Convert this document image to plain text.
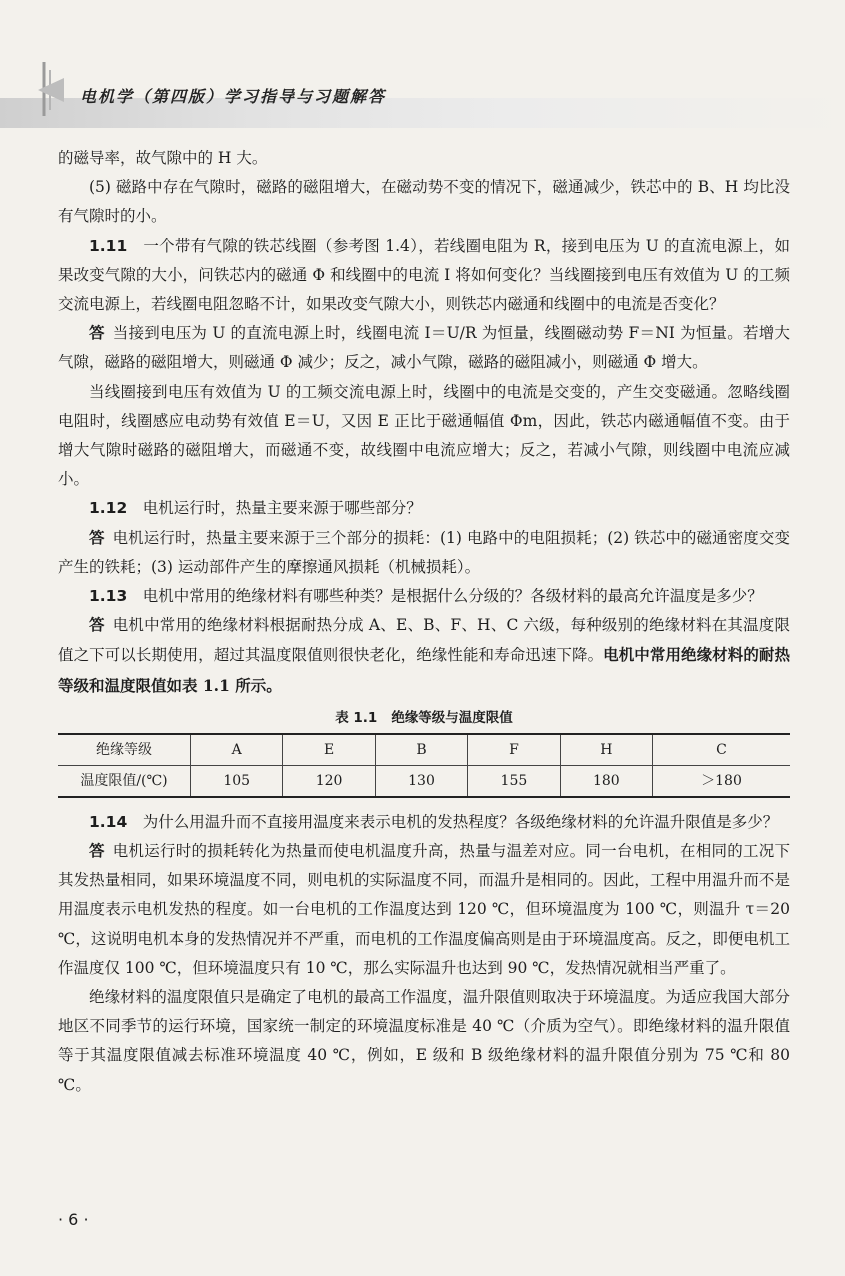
电机学（第四版）学习指导与习题解答

的磁导率，故气隙中的 H 大。

(5) 磁路中存在气隙时，磁路的磁阻增大，在磁动势不变的情况下，磁通减少，铁芯中的 B、H 均比没有气隙时的小。

1.11　 一个带有气隙的铁芯线圈（参考图 1.4），若线圈电阻为 R，接到电压为 U 的直流电源上，如果改变气隙的大小，问铁芯内的磁通 Φ 和线圈中的电流 I 将如何变化？当线圈接到电压有效值为 U 的工频交流电源上，若线圈电阻忽略不计，如果改变气隙大小，则铁芯内磁通和线圈中的电流是否变化？

答 当接到电压为 U 的直流电源上时，线圈电流 I＝U/R 为恒量，线圈磁动势 F＝NI 为恒量。若增大气隙，磁路的磁阻增大，则磁通 Φ 减少；反之，减小气隙，磁路的磁阻减小，则磁通 Φ 增大。

当线圈接到电压有效值为 U 的工频交流电源上时，线圈中的电流是交变的，产生交变磁通。忽略线圈电阻时，线圈感应电动势有效值 E＝U，又因 E 正比于磁通幅值 Φm，因此，铁芯内磁通幅值不变。由于增大气隙时磁路的磁阻增大，而磁通不变，故线圈中电流应增大；反之，若减小气隙，则线圈中电流应减小。

1.12　 电机运行时，热量主要来源于哪些部分？

答 电机运行时，热量主要来源于三个部分的损耗：(1) 电路中的电阻损耗；(2) 铁芯中的磁通密度交变产生的铁耗；(3) 运动部件产生的摩擦通风损耗（机械损耗）。

1.13　 电机中常用的绝缘材料有哪些种类？是根据什么分级的？各级材料的最高允许温度是多少？

答 电机中常用的绝缘材料根据耐热分成 A、E、B、F、H、C 六级，每种级别的绝缘材料在其温度限值之下可以长期使用，超过其温度限值则很快老化，绝缘性能和寿命迅速下降。电机中常用绝缘材料的耐热等级和温度限值如表 1.1 所示。

表 1.1 绝缘等级与温度限值

绝缘等级	A	E	B	F	H	C
温度限值/(℃)	105	120	130	155	180	＞180

1.14　 为什么用温升而不直接用温度来表示电机的发热程度？各级绝缘材料的允许温升限值是多少？

答 电机运行时的损耗转化为热量而使电机温度升高，热量与温差对应。同一台电机，在相同的工况下其发热量相同，如果环境温度不同，则电机的实际温度不同，而温升是相同的。因此，工程中用温升而不是用温度表示电机发热的程度。如一台电机的工作温度达到 120 ℃，但环境温度为 100 ℃，则温升 τ＝20 ℃，这说明电机本身的发热情况并不严重，而电机的工作温度偏高则是由于环境温度高。反之，即便电机工作温度仅 100 ℃，但环境温度只有 10 ℃，那么实际温升也达到 90 ℃，发热情况就相当严重了。

绝缘材料的温度限值只是确定了电机的最高工作温度，温升限值则取决于环境温度。为适应我国大部分地区不同季节的运行环境，国家统一制定的环境温度标准是 40 ℃（介质为空气）。即绝缘材料的温升限值等于其温度限值减去标准环境温度 40 ℃，例如，E 级和 B 级绝缘材料的温升限值分别为 75 ℃和 80 ℃。

· 6 ·
